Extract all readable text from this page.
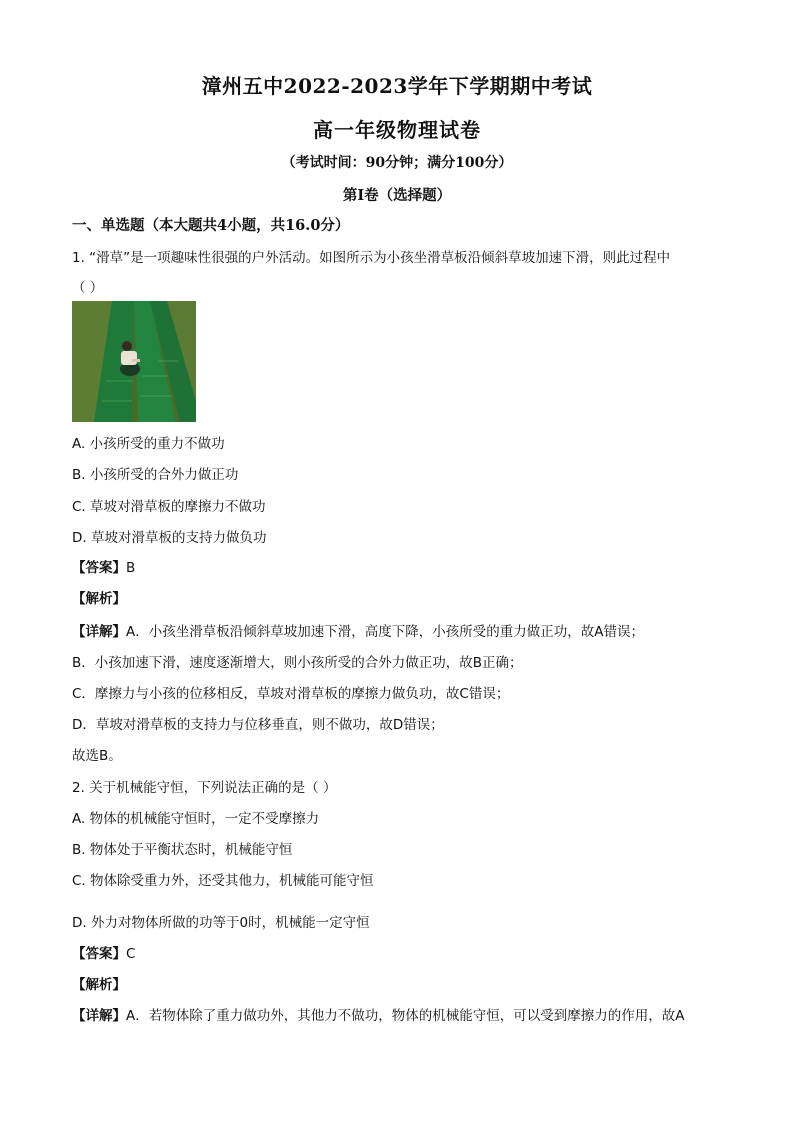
漳州五中2022-2023学年下学期期中考试
高一年级物理试卷
（考试时间：90分钟；满分100分）
第I卷（选择题）
一、单选题（本大题共4小题，共16.0分）
1. “滑草”是一项趣味性很强的户外活动。如图所示为小孩坐滑草板沿倾斜草坡加速下滑，则此过程中
（ ）
A. 小孩所受的重力不做功
B. 小孩所受的合外力做正功
C. 草坡对滑草板的摩擦力不做功
D. 草坡对滑草板的支持力做负功
【答案】B
【解析】
【详解】A．小孩坐滑草板沿倾斜草坡加速下滑，高度下降，小孩所受的重力做正功，故A错误；
B．小孩加速下滑，速度逐渐增大，则小孩所受的合外力做正功，故B正确；
C．摩擦力与小孩的位移相反，草坡对滑草板的摩擦力做负功，故C错误；
D．草坡对滑草板的支持力与位移垂直，则不做功，故D错误；
故选B。
2. 关于机械能守恒，下列说法正确的是（ ）
A. 物体的机械能守恒时，一定不受摩擦力
B. 物体处于平衡状态时，机械能守恒
C. 物体除受重力外，还受其他力，机械能可能守恒
D. 外力对物体所做的功等于0时，机械能一定守恒
【答案】C
【解析】
【详解】A．若物体除了重力做功外，其他力不做功，物体的机械能守恒，可以受到摩擦力的作用，故A
